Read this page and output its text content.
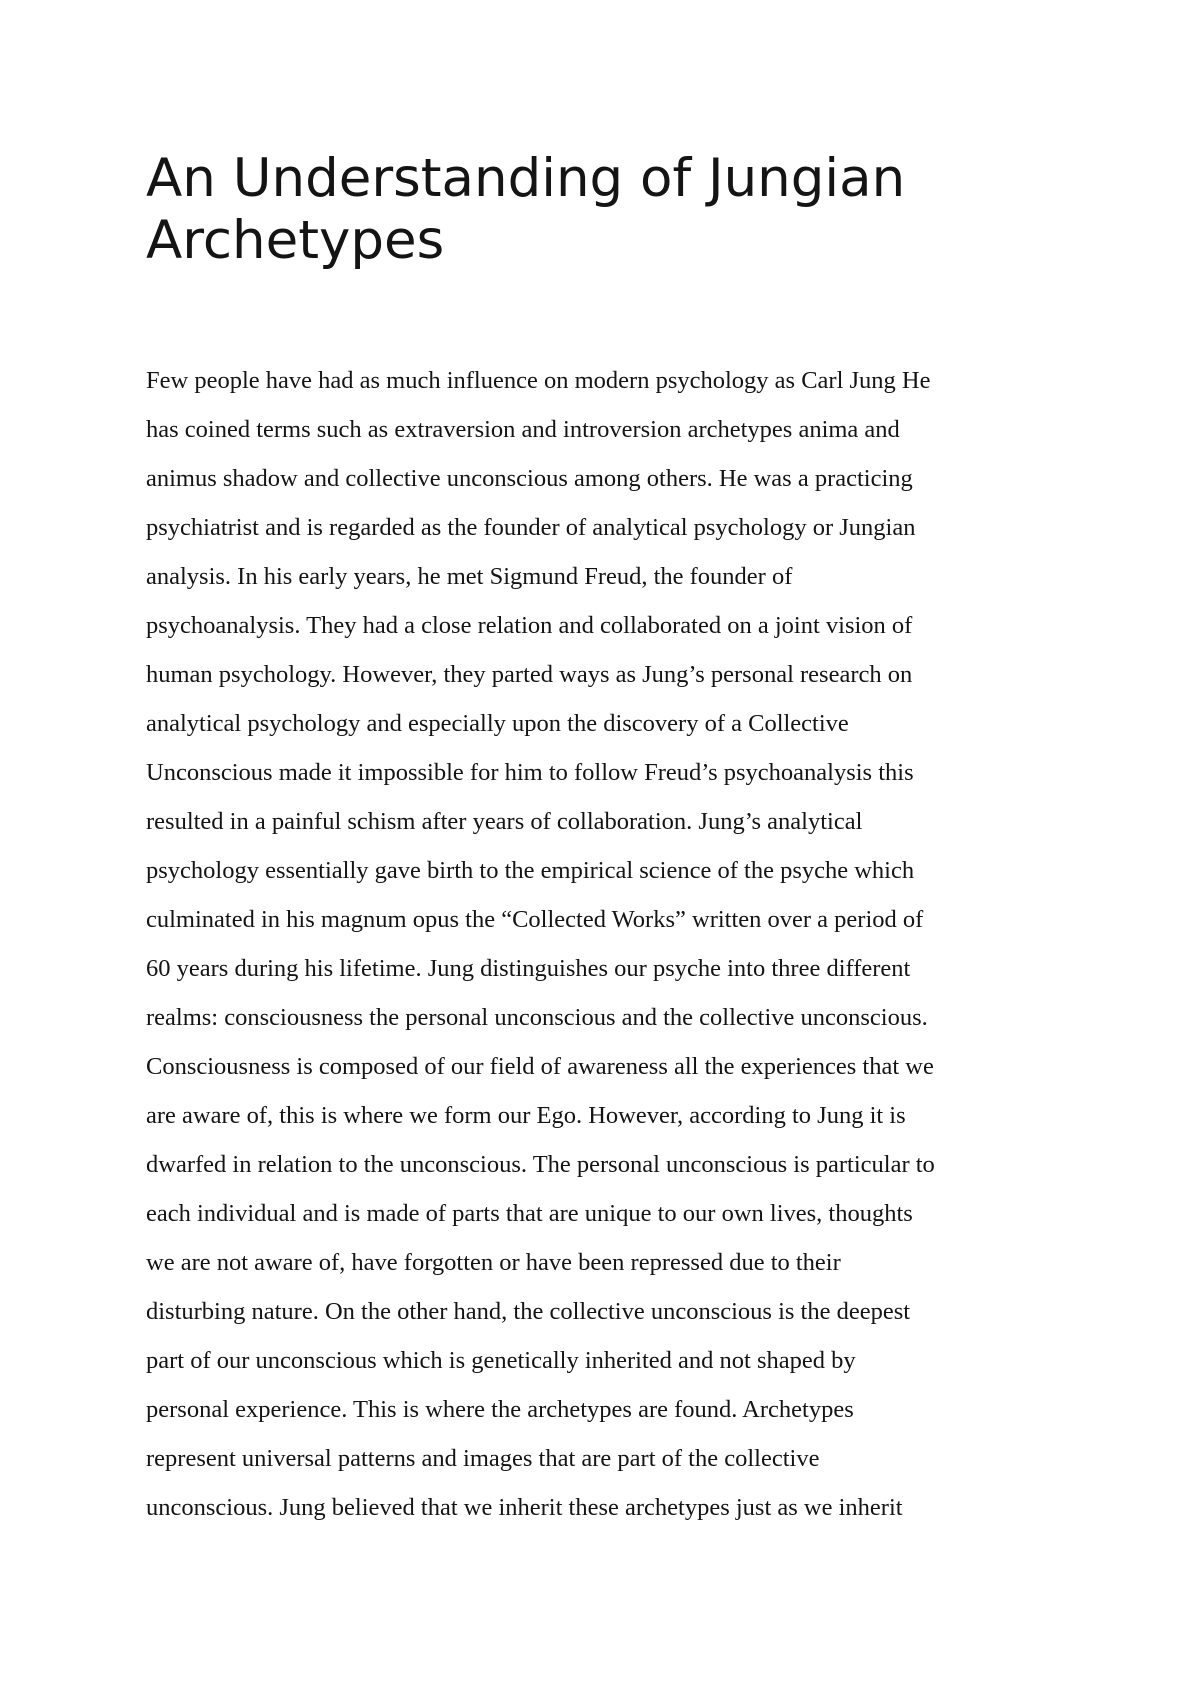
An Understanding of Jungian
Archetypes
Few people have had as much influence on modern psychology as Carl Jung He
has coined terms such as extraversion and introversion archetypes anima and
animus shadow and collective unconscious among others. He was a practicing
psychiatrist and is regarded as the founder of analytical psychology or Jungian
analysis. In his early years, he met Sigmund Freud, the founder of
psychoanalysis. They had a close relation and collaborated on a joint vision of
human psychology. However, they parted ways as Jung’s personal research on
analytical psychology and especially upon the discovery of a Collective
Unconscious made it impossible for him to follow Freud’s psychoanalysis this
resulted in a painful schism after years of collaboration. Jung’s analytical
psychology essentially gave birth to the empirical science of the psyche which
culminated in his magnum opus the “Collected Works” written over a period of
60 years during his lifetime. Jung distinguishes our psyche into three different
realms: consciousness the personal unconscious and the collective unconscious.
Consciousness is composed of our field of awareness all the experiences that we
are aware of, this is where we form our Ego. However, according to Jung it is
dwarfed in relation to the unconscious. The personal unconscious is particular to
each individual and is made of parts that are unique to our own lives, thoughts
we are not aware of, have forgotten or have been repressed due to their
disturbing nature. On the other hand, the collective unconscious is the deepest
part of our unconscious which is genetically inherited and not shaped by
personal experience. This is where the archetypes are found. Archetypes
represent universal patterns and images that are part of the collective
unconscious. Jung believed that we inherit these archetypes just as we inherit
